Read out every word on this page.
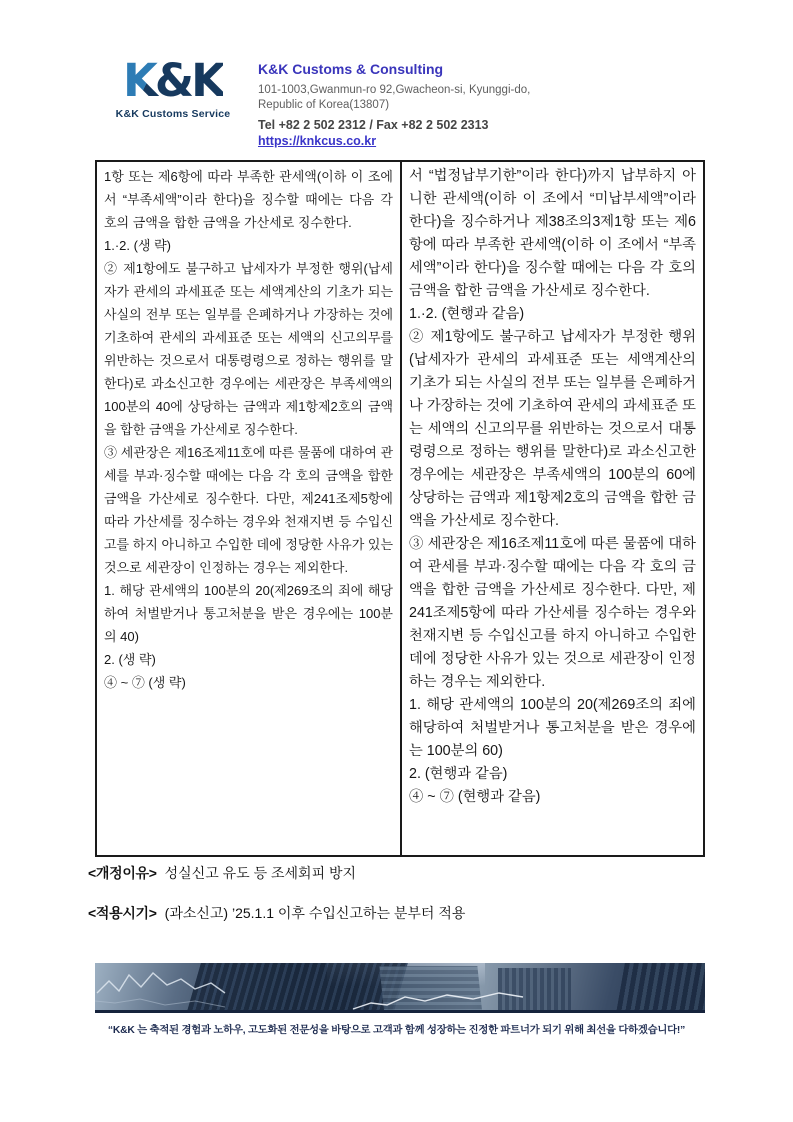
K&K
K&K Customs Service
K&K Customs & Consulting
101-1003,Gwanmun-ro 92,Gwacheon-si, Kyunggi-do,
Republic of Korea(13807)
Tel +82 2 502 2312 / Fax +82 2 502 2313
https://knkcus.co.kr
1항 또는 제6항에 따라 부족한 관세액(이하 이 조에서 “부족세액”이라 한다)을 징수할 때에는 다음 각 호의 금액을 합한 금액을 가산세로 징수한다.
1.·2. (생 략)
② 제1항에도 불구하고 납세자가 부정한 행위(납세자가 관세의 과세표준 또는 세액계산의 기초가 되는 사실의 전부 또는 일부를 은폐하거나 가장하는 것에 기초하여 관세의 과세표준 또는 세액의 신고의무를 위반하는 것으로서 대통령령으로 정하는 행위를 말한다)로 과소신고한 경우에는 세관장은 부족세액의 100분의 40에 상당하는 금액과 제1항제2호의 금액을 합한 금액을 가산세로 징수한다.
③ 세관장은 제16조제11호에 따른 물품에 대하여 관세를 부과·징수할 때에는 다음 각 호의 금액을 합한 금액을 가산세로 징수한다. 다만, 제241조제5항에 따라 가산세를 징수하는 경우와 천재지변 등 수입신고를 하지 아니하고 수입한 데에 정당한 사유가 있는 것으로 세관장이 인정하는 경우는 제외한다.
1. 해당 관세액의 100분의 20(제269조의 죄에 해당하여 처벌받거나 통고처분을 받은 경우에는 100분의 40)
2. (생 략)
④ ~ ⑦ (생 략)
서 “법정납부기한”이라 한다)까지 납부하지 아니한 관세액(이하 이 조에서 “미납부세액”이라 한다)을 징수하거나 제38조의3제1항 또는 제6항에 따라 부족한 관세액(이하 이 조에서 “부족세액”이라 한다)을 징수할 때에는 다음 각 호의 금액을 합한 금액을 가산세로 징수한다.
1.·2. (현행과 같음)
② 제1항에도 불구하고 납세자가 부정한 행위(납세자가 관세의 과세표준 또는 세액계산의 기초가 되는 사실의 전부 또는 일부를 은폐하거나 가장하는 것에 기초하여 관세의 과세표준 또는 세액의 신고의무를 위반하는 것으로서 대통령령으로 정하는 행위를 말한다)로 과소신고한 경우에는 세관장은 부족세액의 100분의 60에 상당하는 금액과 제1항제2호의 금액을 합한 금액을 가산세로 징수한다.
③ 세관장은 제16조제11호에 따른 물품에 대하여 관세를 부과·징수할 때에는 다음 각 호의 금액을 합한 금액을 가산세로 징수한다. 다만, 제241조제5항에 따라 가산세를 징수하는 경우와 천재지변 등 수입신고를 하지 아니하고 수입한 데에 정당한 사유가 있는 것으로 세관장이 인정하는 경우는 제외한다.
1. 해당 관세액의 100분의 20(제269조의 죄에 해당하여 처벌받거나 통고처분을 받은 경우에는 100분의 60)
2. (현행과 같음)
④ ~ ⑦ (현행과 같음)
<개정이유> 성실신고 유도 등 조세회피 방지
<적용시기> (과소신고) ’25.1.1 이후 수입신고하는 분부터 적용
“K&K 는 축적된 경험과 노하우, 고도화된 전문성을 바탕으로 고객과 함께 성장하는 진정한 파트너가 되기 위해 최선을 다하겠습니다!”
